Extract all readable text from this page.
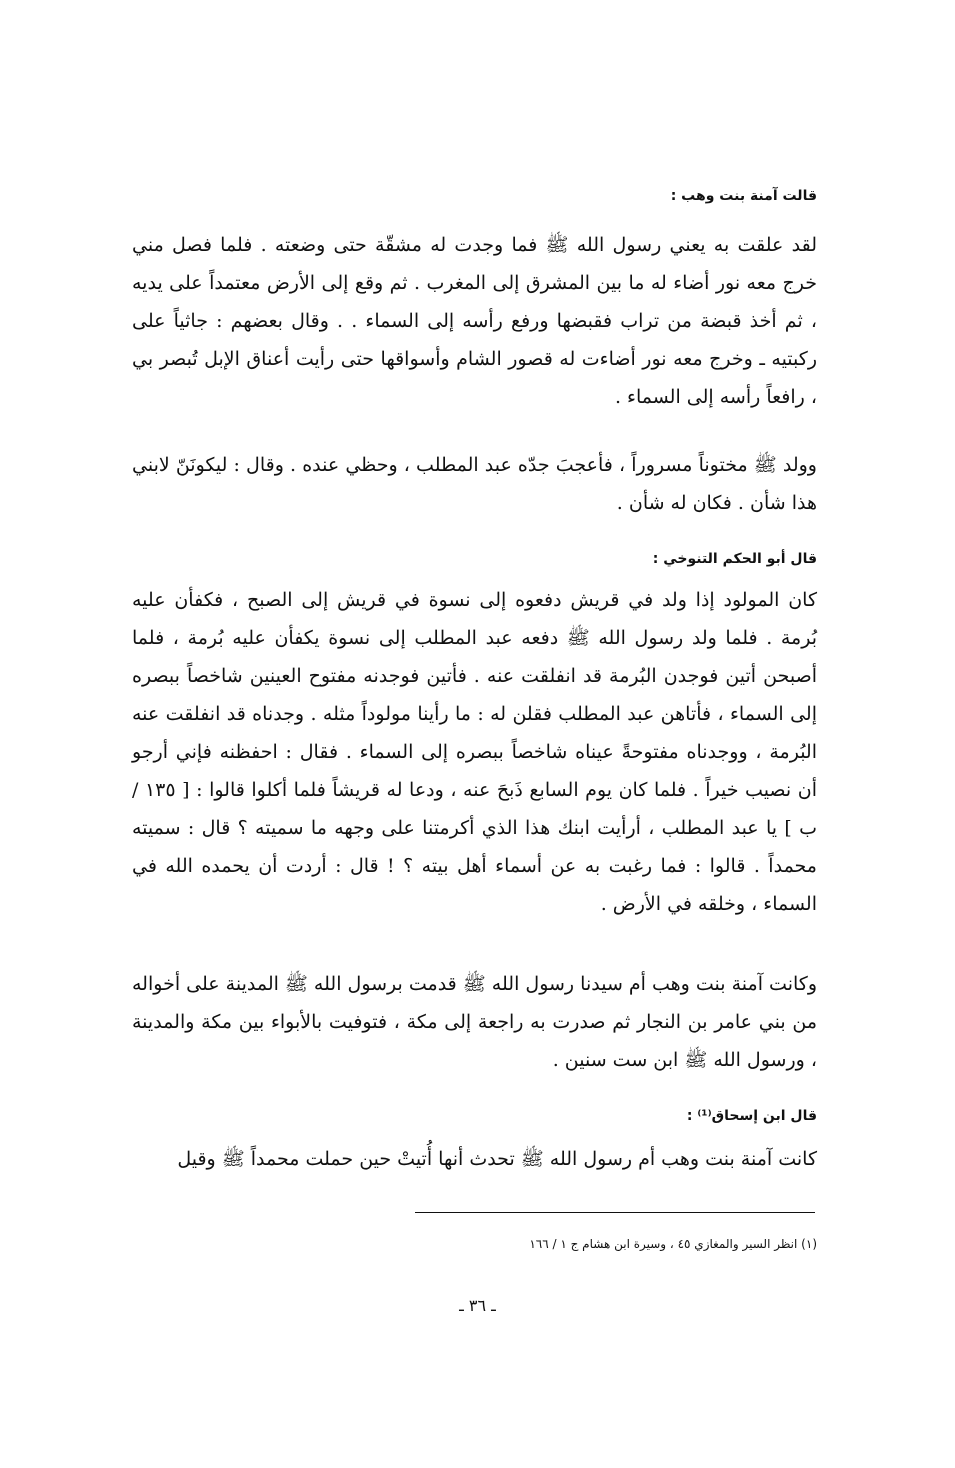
قالت آمنة بنت وهب :

لقد علقت به يعني رسول الله ﷺ فما وجدت له مشقّة حتى وضعته . فلما فصل مني خرج معه نور أضاء له ما بين المشرق إلى المغرب . ثم وقع إلى الأرض معتمداً على يديه ، ثم أخذ قبضة من تراب فقبضها ورفع رأسه إلى السماء . . وقال بعضهم : جاثياً على ركبتيه ـ وخرج معه نور أضاءت له قصور الشام وأسواقها حتى رأيت أعناق الإبل تُبصر بي ، رافعاً رأسه إلى السماء .

وولد ﷺ مختوناً مسروراً ، فأعجبَ جدّه عبد المطلب ، وحظي عنده . وقال : ليكونَنّ لابني هذا شأن . فكان له شأن .

قال أبو الحكم التنوخي :

كان المولود إذا ولد في قريش دفعوه إلى نسوة في قريش إلى الصبح ، فكفأن عليه بُرمة . فلما ولد رسول الله ﷺ دفعه عبد المطلب إلى نسوة يكفأن عليه بُرمة ، فلما أصبحن أتين فوجدن البُرمة قد انفلقت عنه . فأتين فوجدنه مفتوح العينين شاخصاً ببصره إلى السماء ، فأتاهن عبد المطلب فقلن له : ما رأينا مولوداً مثله . وجدناه قد انفلقت عنه البُرمة ، ووجدناه مفتوحةً عيناه شاخصاً ببصره إلى السماء . فقال : احفظنه فإني أرجو أن نصيب خيراً . فلما كان يوم السابع ذَبحَ عنه ، ودعا له قريشاً فلما أكلوا قالوا : [ ١٣٥ / ب ] يا عبد المطلب ، أرأيت ابنك هذا الذي أكرمتنا على وجهه ما سميته ؟ قال : سميته محمداً . قالوا : فما رغبت به عن أسماء أهل بيته ؟ ! قال : أردت أن يحمده الله في السماء ، وخلقه في الأرض .

وكانت آمنة بنت وهب أم سيدنا رسول الله ﷺ قدمت برسول الله ﷺ المدينة على أخواله من بني عامر بن النجار ثم صدرت به راجعة إلى مكة ، فتوفيت بالأبواء بين مكة والمدينة ، ورسول الله ﷺ ابن ست سنين .

قال ابن إسحاق⁽¹⁾ :

كانت آمنة بنت وهب أم رسول الله ﷺ تحدث أنها أُتيتْ حين حملت محمداً ﷺ وقيل

(١) انظر السير والمغازي ٤٥ ، وسيرة ابن هشام ج ١ / ١٦٦
ـ ٣٦ ـ
